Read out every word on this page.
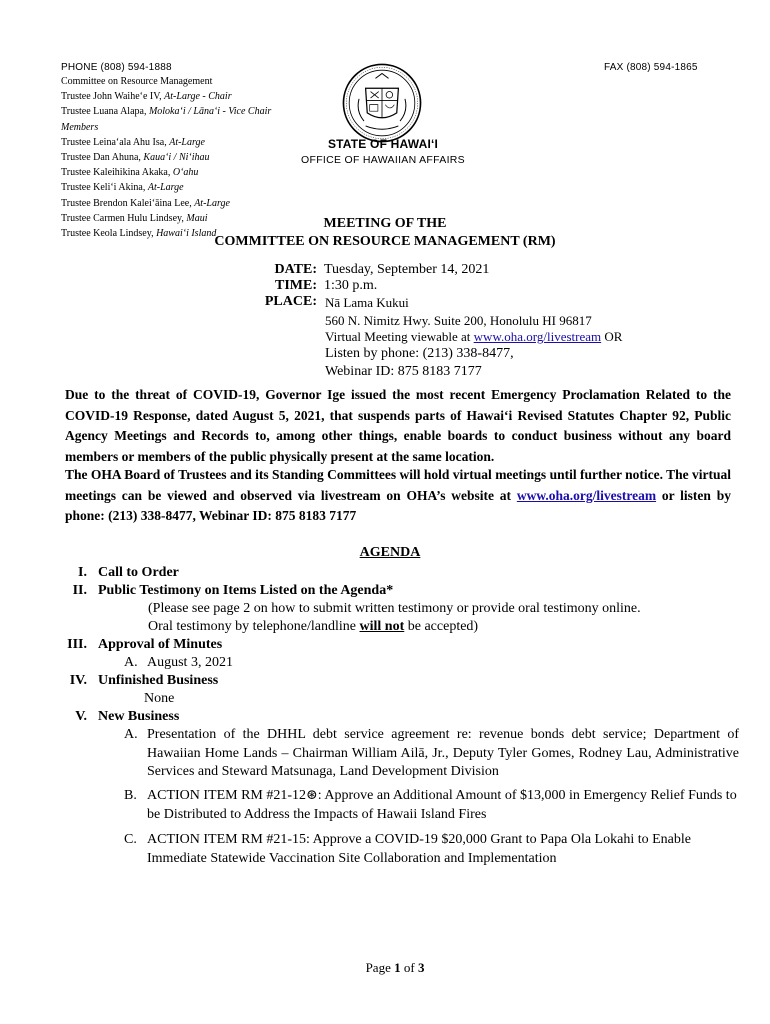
PHONE (808) 594-1888	FAX (808) 594-1865
Committee on Resource Management
Trustee John Waihe‘e IV, At-Large - Chair
Trustee Luana Alapa, Moloka‘i / Lāna‘i - Vice Chair
Members
Trustee Leina‘ala Ahu Isa, At-Large
Trustee Dan Ahuna, Kaua‘i / Ni‘ihau
Trustee Kaleihikina Akaka, O‘ahu
Trustee Keli‘i Akina, At-Large
Trustee Brendon Kalei‘āina Lee, At-Large
Trustee Carmen Hulu Lindsey, Maui
Trustee Keola Lindsey, Hawai‘i Island
STATE OF HAWAI‘I
OFFICE OF HAWAIIAN AFFAIRS
MEETING OF THE
COMMITTEE ON RESOURCE MANAGEMENT (RM)
DATE: Tuesday, September 14, 2021
TIME: 1:30 p.m.
PLACE: Nā Lama Kukui
560 N. Nimitz Hwy. Suite 200, Honolulu HI 96817
Virtual Meeting viewable at www.oha.org/livestream OR
Listen by phone: (213) 338-8477,
Webinar ID: 875 8183 7177
Due to the threat of COVID-19, Governor Ige issued the most recent Emergency Proclamation Related to the COVID-19 Response, dated August 5, 2021, that suspends parts of Hawai‘i Revised Statutes Chapter 92, Public Agency Meetings and Records to, among other things, enable boards to conduct business without any board members or members of the public physically present at the same location.
The OHA Board of Trustees and its Standing Committees will hold virtual meetings until further notice. The virtual meetings can be viewed and observed via livestream on OHA’s website at www.oha.org/livestream or listen by phone: (213) 338-8477, Webinar ID: 875 8183 7177
AGENDA
I. Call to Order
II. Public Testimony on Items Listed on the Agenda*
(Please see page 2 on how to submit written testimony or provide oral testimony online.
Oral testimony by telephone/landline will not be accepted)
III. Approval of Minutes
A. August 3, 2021
IV. Unfinished Business
None
V. New Business
A. Presentation of the DHHL debt service agreement re: revenue bonds debt service; Department of Hawaiian Home Lands – Chairman William Ailā, Jr., Deputy Tyler Gomes, Rodney Lau, Administrative Services and Steward Matsunaga, Land Development Division
B. ACTION ITEM RM #21-12⊛: Approve an Additional Amount of $13,000 in Emergency Relief Funds to be Distributed to Address the Impacts of Hawaii Island Fires
C. ACTION ITEM RM #21-15: Approve a COVID-19 $20,000 Grant to Papa Ola Lokahi to Enable Immediate Statewide Vaccination Site Collaboration and Implementation
Page 1 of 3
